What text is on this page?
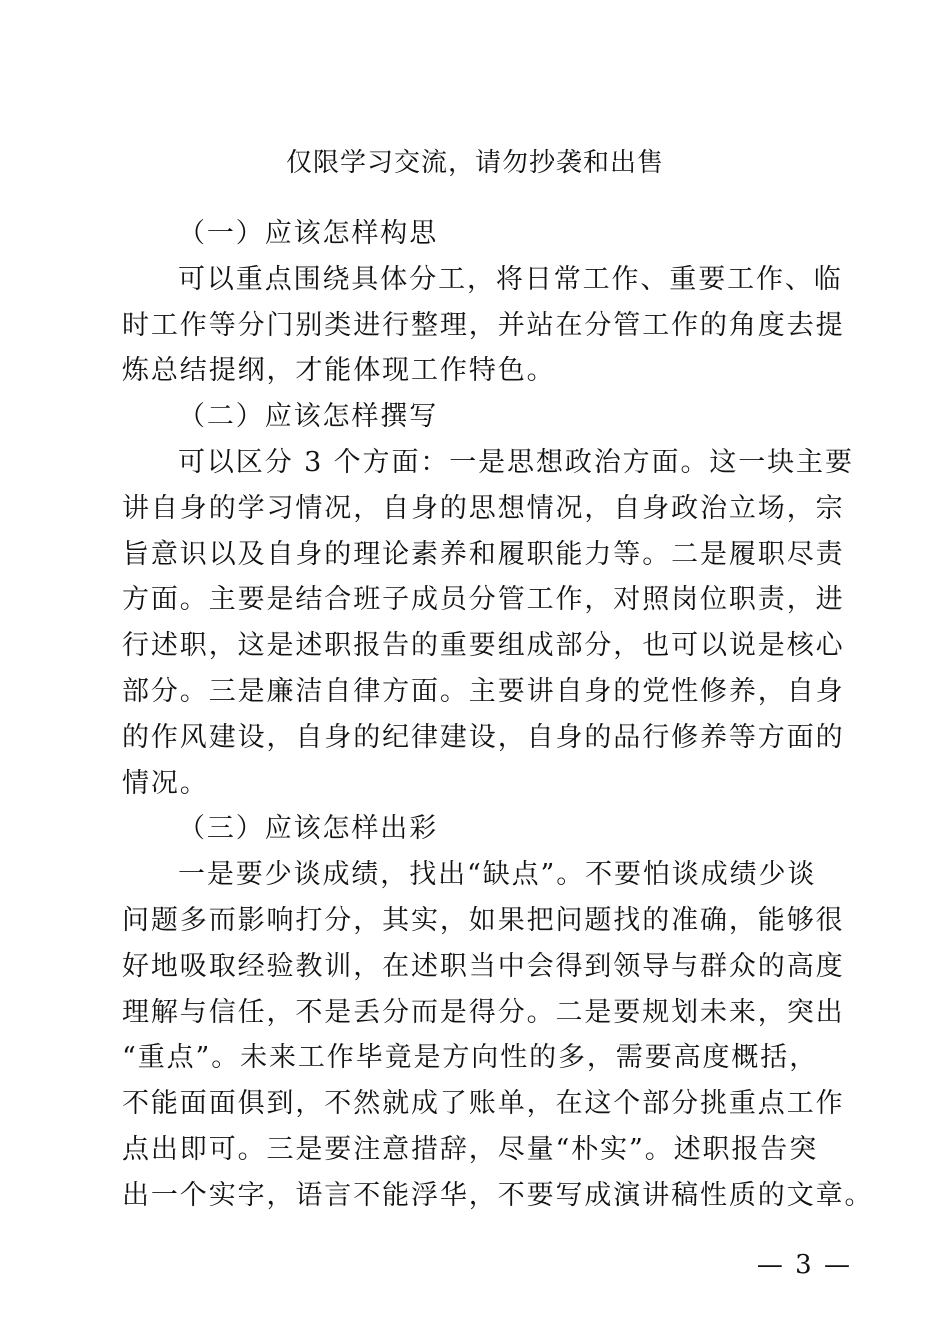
仅限学习交流，请勿抄袭和出售

（一）应该怎样构思

可以重点围绕具体分工，将日常工作、重要工作、临
时工作等分门别类进行整理，并站在分管工作的角度去提
炼总结提纲，才能体现工作特色。

（二）应该怎样撰写

可以区分 3 个方面：一是思想政治方面。这一块主要
讲自身的学习情况，自身的思想情况，自身政治立场，宗
旨意识以及自身的理论素养和履职能力等。二是履职尽责
方面。主要是结合班子成员分管工作，对照岗位职责，进
行述职，这是述职报告的重要组成部分，也可以说是核心
部分。三是廉洁自律方面。主要讲自身的党性修养，自身
的作风建设，自身的纪律建设，自身的品行修养等方面的
情况。

（三）应该怎样出彩

一是要少谈成绩，找出“缺点”。不要怕谈成绩少谈
问题多而影响打分，其实，如果把问题找的准确，能够很
好地吸取经验教训，在述职当中会得到领导与群众的高度
理解与信任，不是丢分而是得分。二是要规划未来，突出
“重点”。未来工作毕竟是方向性的多，需要高度概括，
不能面面俱到，不然就成了账单，在这个部分挑重点工作
点出即可。三是要注意措辞，尽量“朴实”。述职报告突
出一个实字，语言不能浮华，不要写成演讲稿性质的文章。

— 3 —
